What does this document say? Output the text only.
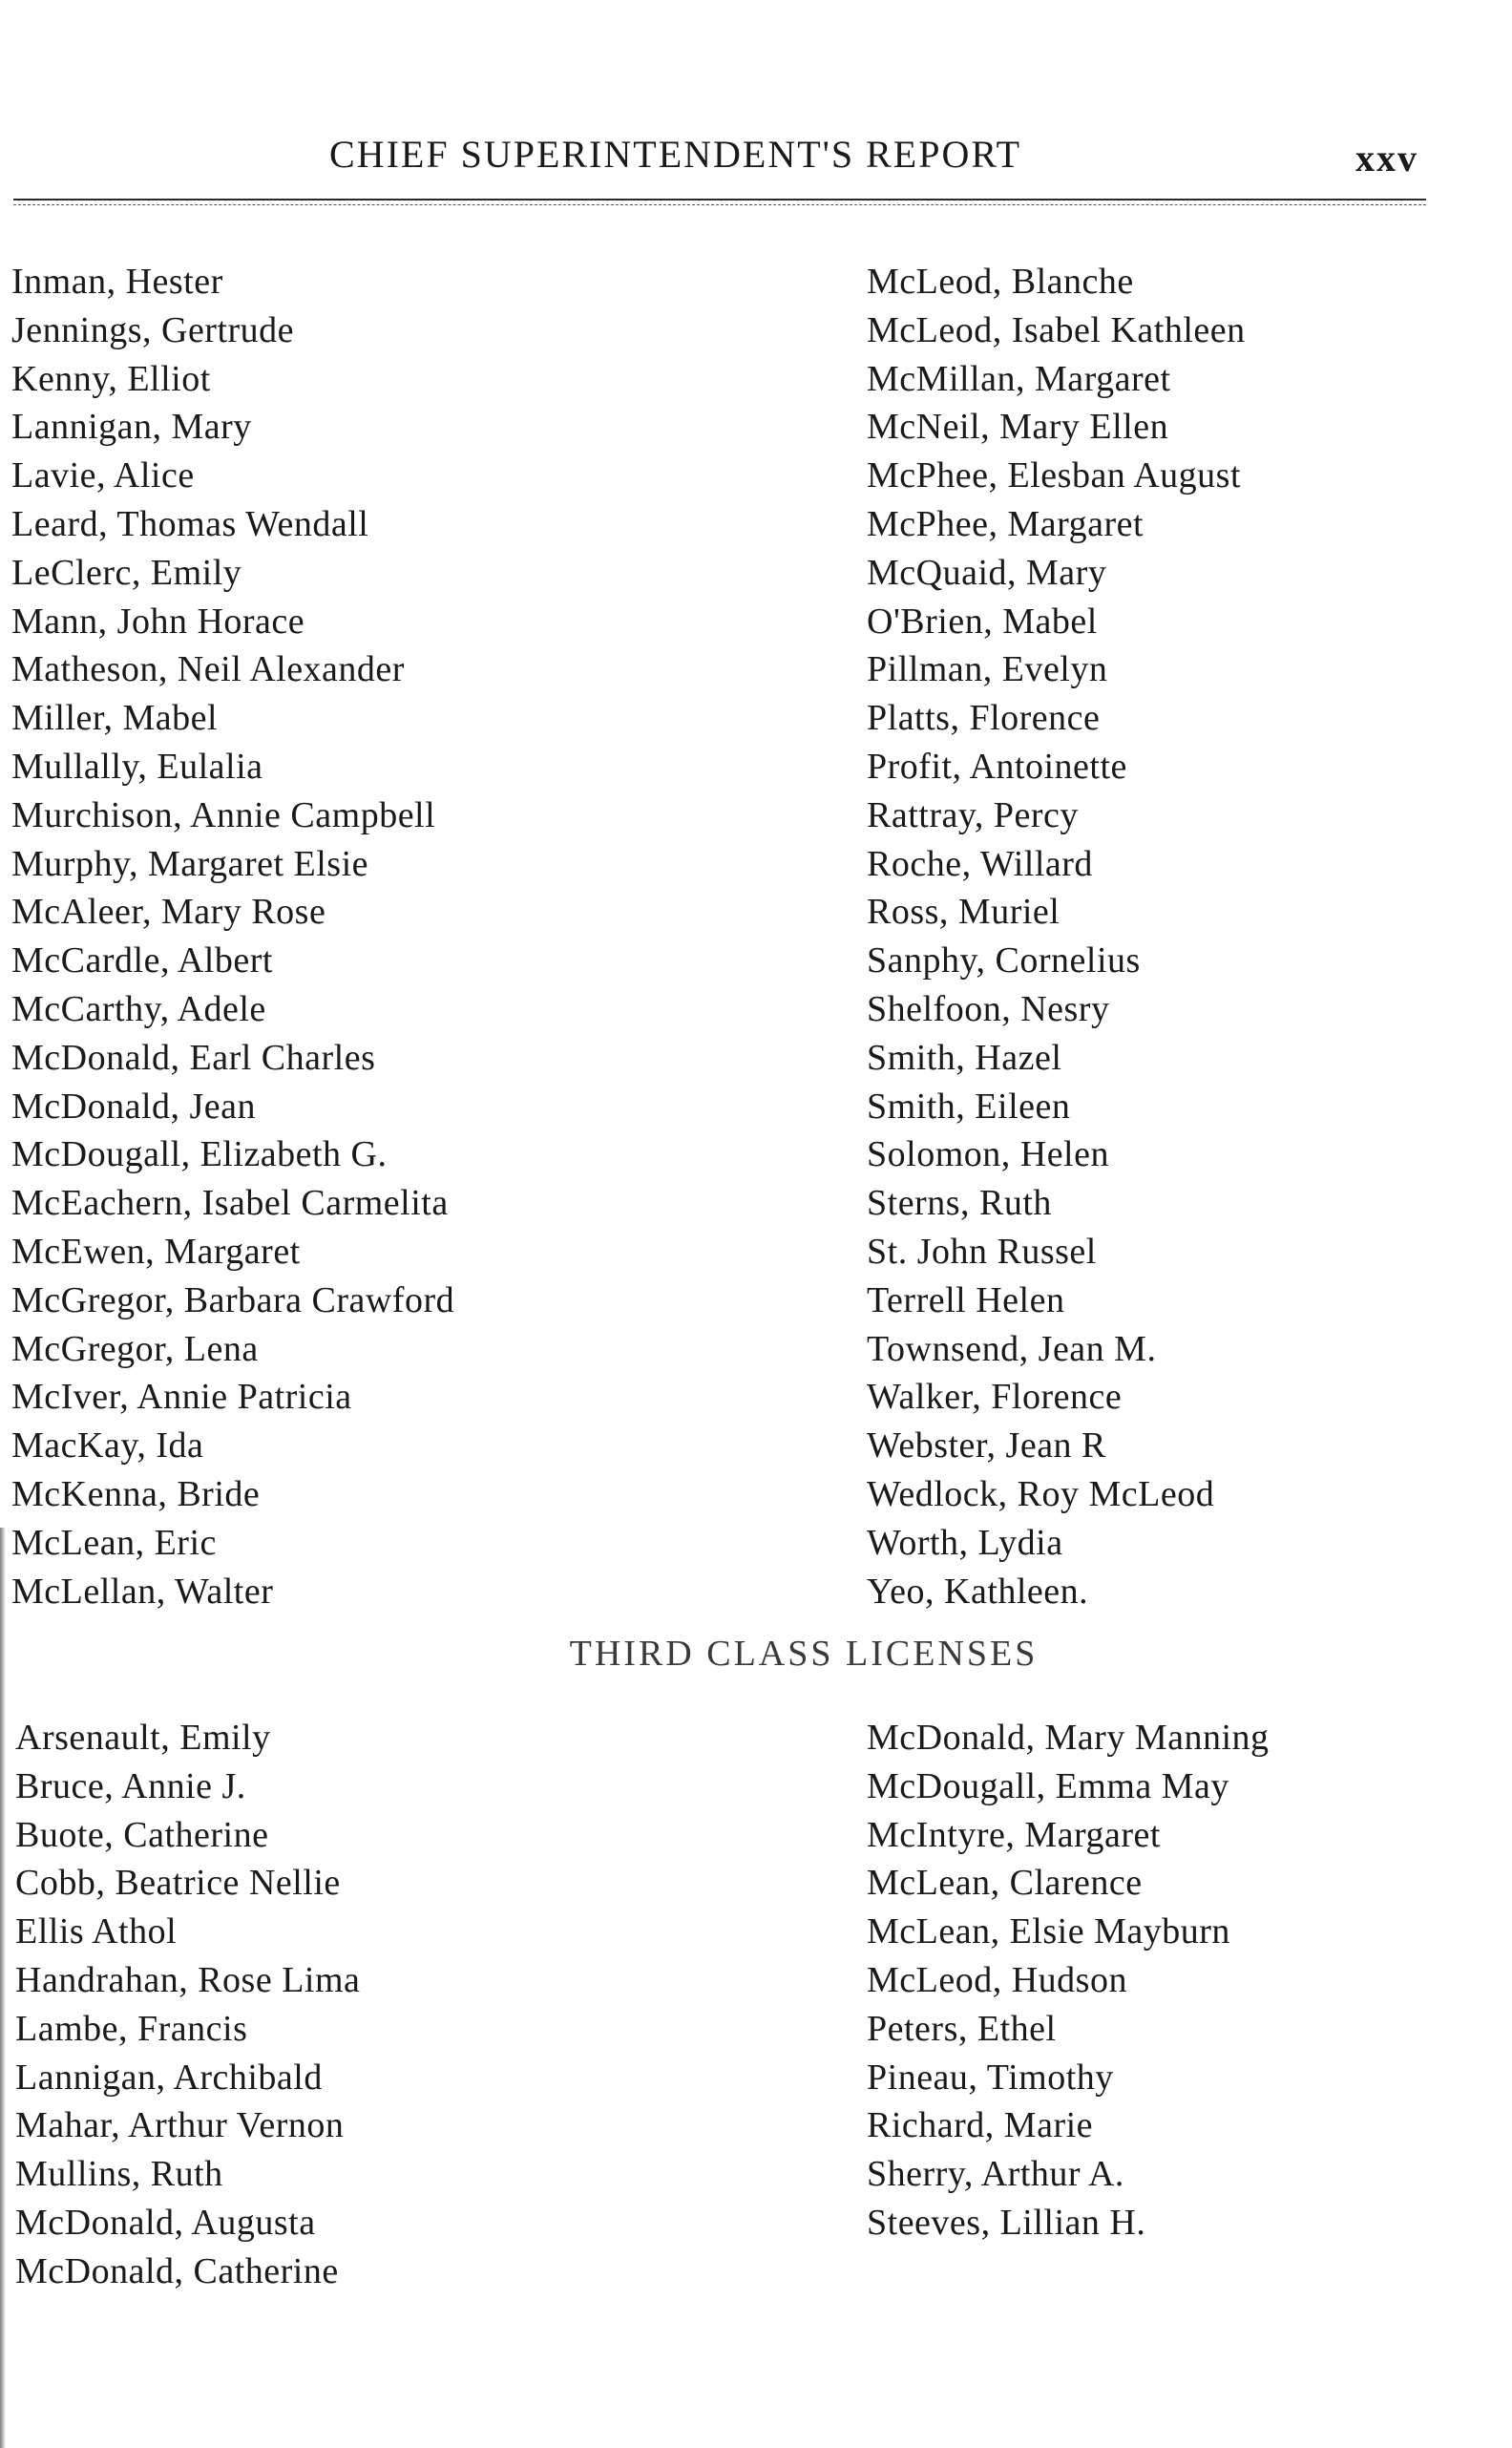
CHIEF SUPERINTENDENT'S REPORT	xxv
Inman, Hester
Jennings, Gertrude
Kenny, Elliot
Lannigan, Mary
Lavie, Alice
Leard, Thomas Wendall
LeClerc, Emily
Mann, John Horace
Matheson, Neil Alexander
Miller, Mabel
Mullally, Eulalia
Murchison, Annie Campbell
Murphy, Margaret Elsie
McAleer, Mary Rose
McCardle, Albert
McCarthy, Adele
McDonald, Earl Charles
McDonald, Jean
McDougall, Elizabeth G.
McEachern, Isabel Carmelita
McEwen, Margaret
McGregor, Barbara Crawford
McGregor, Lena
McIver, Annie Patricia
MacKay, Ida
McKenna, Bride
McLean, Eric
McLellan, Walter
McLeod, Blanche
McLeod, Isabel Kathleen
McMillan, Margaret
McNeil, Mary Ellen
McPhee, Elesban August
McPhee, Margaret
McQuaid, Mary
O'Brien, Mabel
Pillman, Evelyn
Platts, Florence
Profit, Antoinette
Rattray, Percy
Roche, Willard
Ross, Muriel
Sanphy, Cornelius
Shelfoon, Nesry
Smith, Hazel
Smith, Eileen
Solomon, Helen
Sterns, Ruth
St. John Russel
Terrell Helen
Townsend, Jean M.
Walker, Florence
Webster, Jean R
Wedlock, Roy McLeod
Worth, Lydia
Yeo, Kathleen.
THIRD CLASS LICENSES
Arsenault, Emily
Bruce, Annie J.
Buote, Catherine
Cobb, Beatrice Nellie
Ellis Athol
Handrahan, Rose Lima
Lambe, Francis
Lannigan, Archibald
Mahar, Arthur Vernon
Mullins, Ruth
McDonald, Augusta
McDonald, Catherine
McDonald, Mary Manning
McDougall, Emma May
McIntyre, Margaret
McLean, Clarence
McLean, Elsie Mayburn
McLeod, Hudson
Peters, Ethel
Pineau, Timothy
Richard, Marie
Sherry, Arthur A.
Steeves, Lillian H.
